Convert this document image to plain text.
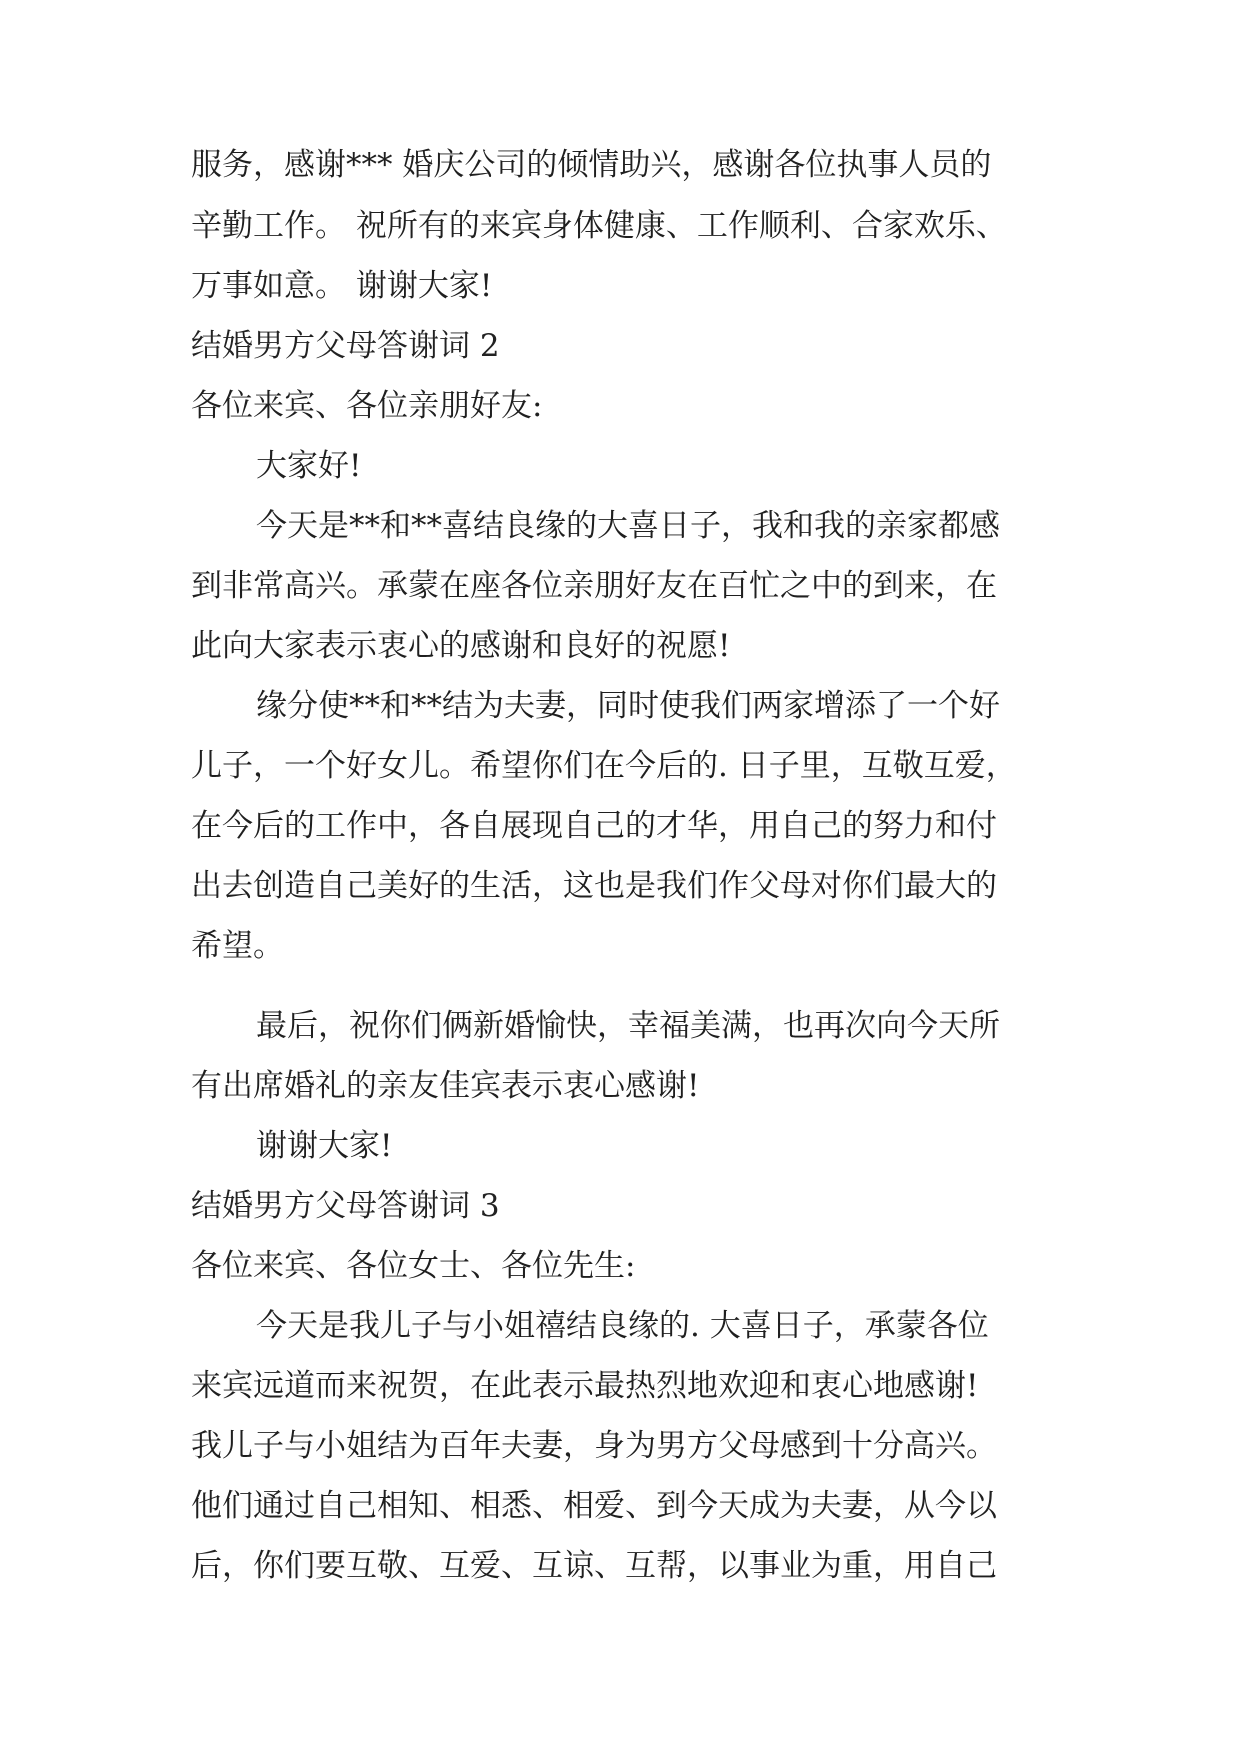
服务，感谢*** 婚庆公司的倾情助兴，感谢各位执事人员的

辛勤工作。 祝所有的来宾身体健康、工作顺利、合家欢乐、

万事如意。 谢谢大家!

结婚男方父母答谢词 2

各位来宾、各位亲朋好友:

大家好!

今天是**和**喜结良缘的大喜日子，我和我的亲家都感

到非常高兴。承蒙在座各位亲朋好友在百忙之中的到来，在

此向大家表示衷心的感谢和良好的祝愿!

缘分使**和**结为夫妻，同时使我们两家增添了一个好

儿子，一个好女儿。希望你们在今后的. 日子里，互敬互爱，

在今后的工作中，各自展现自己的才华，用自己的努力和付

出去创造自己美好的生活，这也是我们作父母对你们最大的

希望。

最后，祝你们俩新婚愉快，幸福美满，也再次向今天所

有出席婚礼的亲友佳宾表示衷心感谢!

谢谢大家!

结婚男方父母答谢词 3

各位来宾、各位女士、各位先生:

今天是我儿子与小姐禧结良缘的. 大喜日子，承蒙各位

来宾远道而来祝贺，在此表示最热烈地欢迎和衷心地感谢!

我儿子与小姐结为百年夫妻，身为男方父母感到十分高兴。

他们通过自己相知、相悉、相爱、到今天成为夫妻，从今以

后，你们要互敬、互爱、互谅、互帮，以事业为重，用自己
